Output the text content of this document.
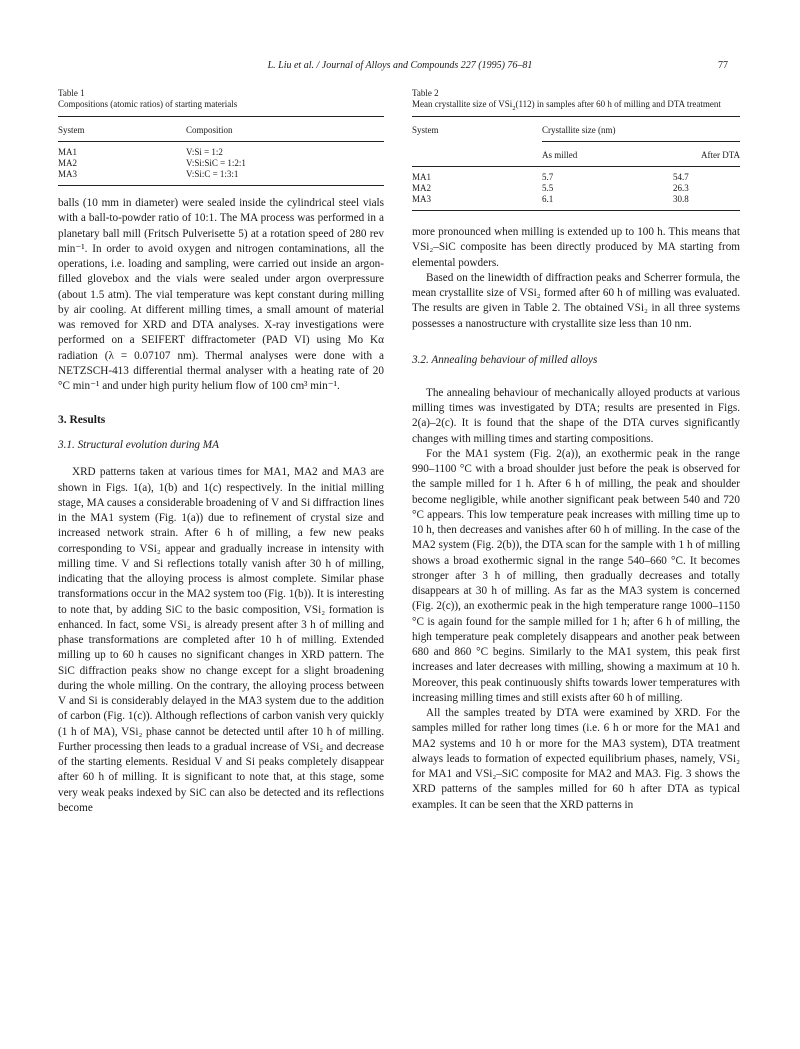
L. Liu et al. / Journal of Alloys and Compounds 227 (1995) 76–81	77
Table 1
Compositions (atomic ratios) of starting materials

System	Composition

MA1	V:Si = 1:2
MA2	V:Si:SiC = 1:2:1
MA3	V:Si:C = 1:3:1

balls (10 mm in diameter) were sealed inside the cylindrical steel vials with a ball-to-powder ratio of 10:1. The MA process was performed in a planetary ball mill (Fritsch Pulverisette 5) at a rotation speed of 280 rev min⁻¹. In order to avoid oxygen and nitrogen contaminations, all the operations, i.e. loading and sampling, were carried out inside an argon-filled glovebox and the vials were sealed under argon overpressure (about 1.5 atm). The vial temperature was kept constant during milling by air cooling. At different milling times, a small amount of material was removed for XRD and DTA analyses. X-ray investigations were performed on a SEIFERT diffractometer (PAD VI) using Mo Kα radiation (λ = 0.07107 nm). Thermal analyses were done with a NETZSCH-413 differential thermal analyser with a heating rate of 20 °C min⁻¹ and under high purity helium flow of 100 cm³ min⁻¹.

3. Results
3.1. Structural evolution during MA

XRD patterns taken at various times for MA1, MA2 and MA3 are shown in Figs. 1(a), 1(b) and 1(c) respectively. In the initial milling stage, MA causes a considerable broadening of V and Si diffraction lines in the MA1 system (Fig. 1(a)) due to refinement of crystal size and increased network strain. After 6 h of milling, a few new peaks corresponding to VSi₂ appear and gradually increase in intensity with milling time. V and Si reflections totally vanish after 30 h of milling, indicating that the alloying process is almost complete. Similar phase transformations occur in the MA2 system too (Fig. 1(b)). It is interesting to note that, by adding SiC to the basic composition, VSi₂ formation is enhanced. In fact, some VSi₂ is already present after 3 h of milling and phase transformations are completed after 10 h of milling. Extended milling up to 60 h causes no significant changes in XRD pattern. The SiC diffraction peaks show no change except for a slight broadening during the whole milling. On the contrary, the alloying process between V and Si is considerably delayed in the MA3 system due to the addition of carbon (Fig. 1(c)). Although reflections of carbon vanish very quickly (1 h of MA), VSi₂ phase cannot be detected until after 10 h of milling. Further processing then leads to a gradual increase of VSi₂ and decrease of the starting elements. Residual V and Si peaks completely disappear after 60 h of milling. It is significant to note that, at this stage, some very weak peaks indexed by SiC can also be detected and its reflections become

Table 2
Mean crystallite size of VSi$_2$(112) in samples after 60 h of milling and DTA treatment

System	Crystallite size (nm)	

	As milled	After DTA

MA1	5.7	54.7
MA2	5.5	26.3
MA3	6.1	30.8

more pronounced when milling is extended up to 100 h. This means that VSi₂–SiC composite has been directly produced by MA starting from elemental powders.

Based on the linewidth of diffraction peaks and Scherrer formula, the mean crystallite size of VSi₂ formed after 60 h of milling was evaluated. The results are given in Table 2. The obtained VSi₂ in all three systems possesses a nanostructure with crystallite size less than 10 nm.

3.2. Annealing behaviour of milled alloys

The annealing behaviour of mechanically alloyed products at various milling times was investigated by DTA; results are presented in Figs. 2(a)–2(c). It is found that the shape of the DTA curves significantly changes with milling times and starting compositions.

For the MA1 system (Fig. 2(a)), an exothermic peak in the range 990–1100 °C with a broad shoulder just before the peak is observed for the sample milled for 1 h. After 6 h of milling, the peak and shoulder become negligible, while another significant peak between 540 and 720 °C appears. This low temperature peak increases with milling time up to 10 h, then decreases and vanishes after 60 h of milling. In the case of the MA2 system (Fig. 2(b)), the DTA scan for the sample with 1 h of milling shows a broad exothermic signal in the range 540–660 °C. It becomes stronger after 3 h of milling, then gradually decreases and totally disappears at 30 h of milling. As far as the MA3 system is concerned (Fig. 2(c)), an exothermic peak in the high temperature range 1000–1150 °C is again found for the sample milled for 1 h; after 6 h of milling, the high temperature peak completely disappears and another peak between 680 and 860 °C begins. Similarly to the MA1 system, this peak first increases and later decreases with milling, showing a maximum at 10 h. Moreover, this peak continuously shifts towards lower temperatures with increasing milling times and still exists after 60 h of milling.

All the samples treated by DTA were examined by XRD. For the samples milled for rather long times (i.e. 6 h or more for the MA1 and MA2 systems and 10 h or more for the MA3 system), DTA treatment always leads to formation of expected equilibrium phases, namely, VSi₂ for MA1 and VSi₂–SiC composite for MA2 and MA3. Fig. 3 shows the XRD patterns of the samples milled for 60 h after DTA as typical examples. It can be seen that the XRD patterns in
